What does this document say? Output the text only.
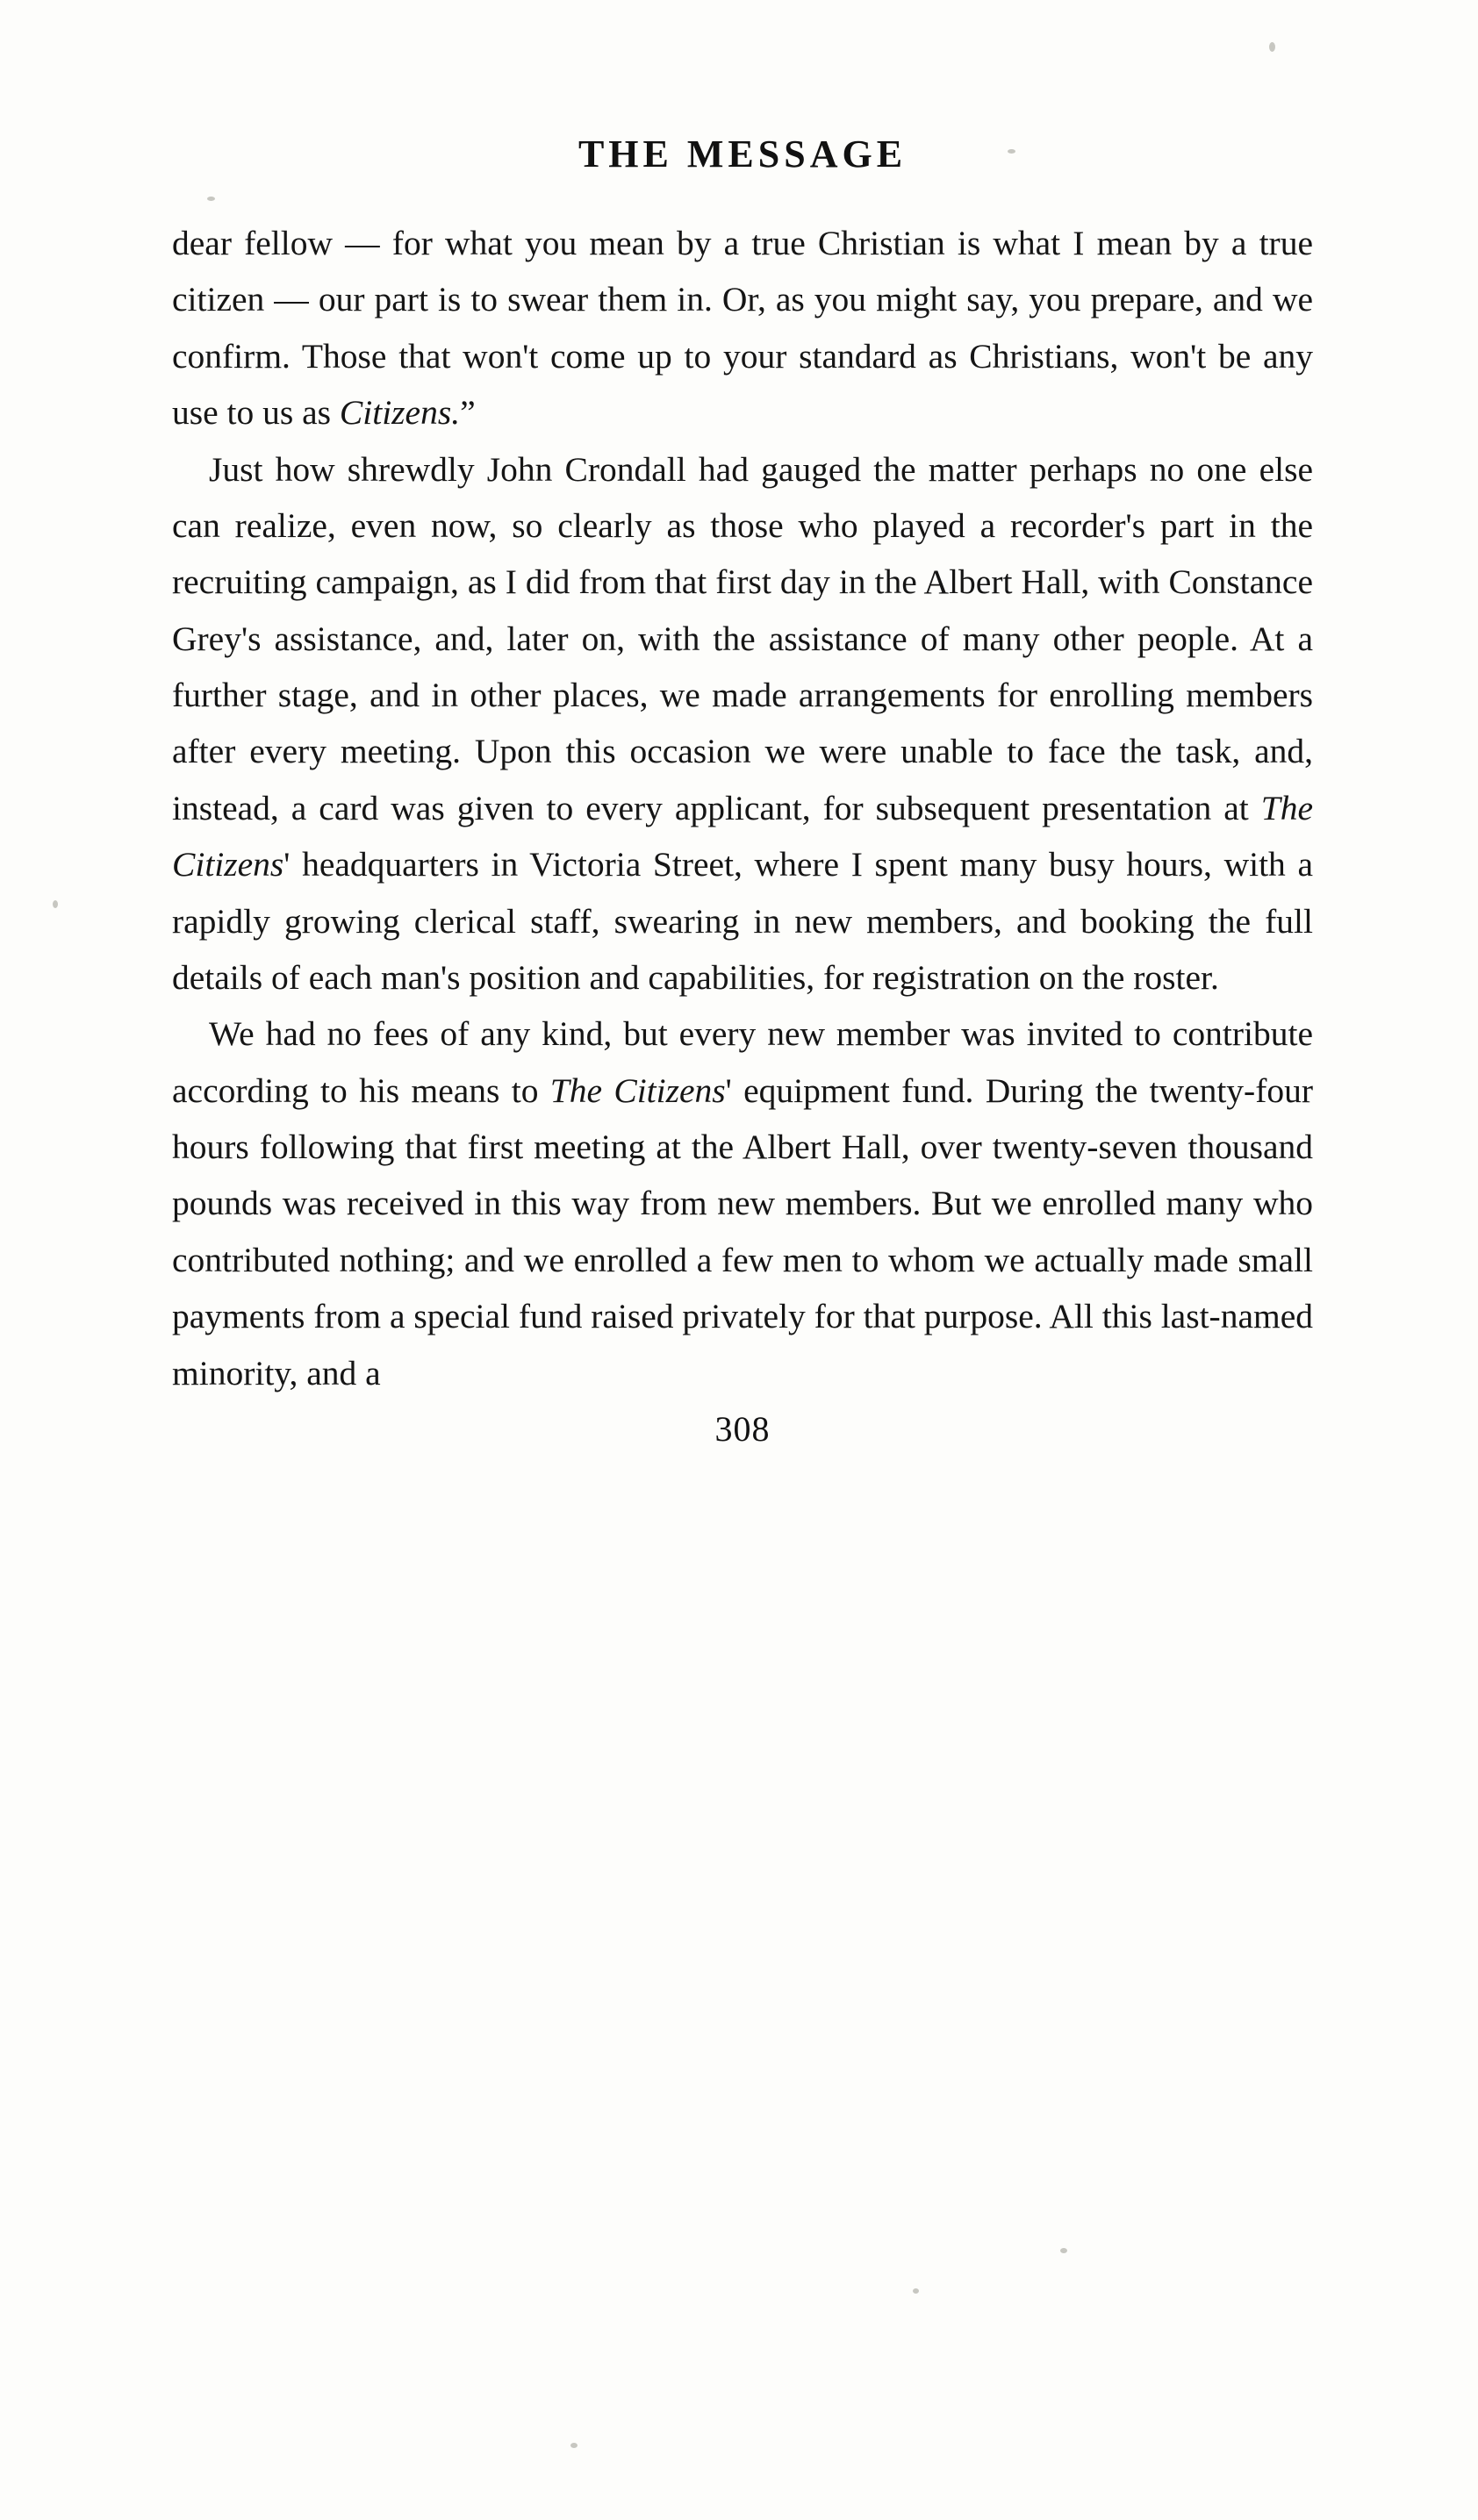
THE MESSAGE

dear fellow — for what you mean by a true Christian is what I mean by a true citizen — our part is to swear them in. Or, as you might say, you prepare, and we confirm. Those that won't come up to your standard as Christians, won't be any use to us as Citizens.”

Just how shrewdly John Crondall had gauged the matter perhaps no one else can realize, even now, so clearly as those who played a recorder's part in the recruiting campaign, as I did from that first day in the Albert Hall, with Constance Grey's assistance, and, later on, with the assistance of many other people. At a further stage, and in other places, we made arrangements for enrolling members after every meeting. Upon this occasion we were unable to face the task, and, instead, a card was given to every applicant, for subsequent presentation at The Citizens' headquarters in Victoria Street, where I spent many busy hours, with a rapidly growing clerical staff, swearing in new members, and booking the full details of each man's position and capabilities, for registration on the roster.

We had no fees of any kind, but every new member was invited to contribute according to his means to The Citizens' equipment fund. During the twenty-four hours following that first meeting at the Albert Hall, over twenty-seven thousand pounds was received in this way from new members. But we enrolled many who contributed nothing; and we enrolled a few men to whom we actually made small payments from a special fund raised privately for that purpose. All this last-named minority, and a

308
